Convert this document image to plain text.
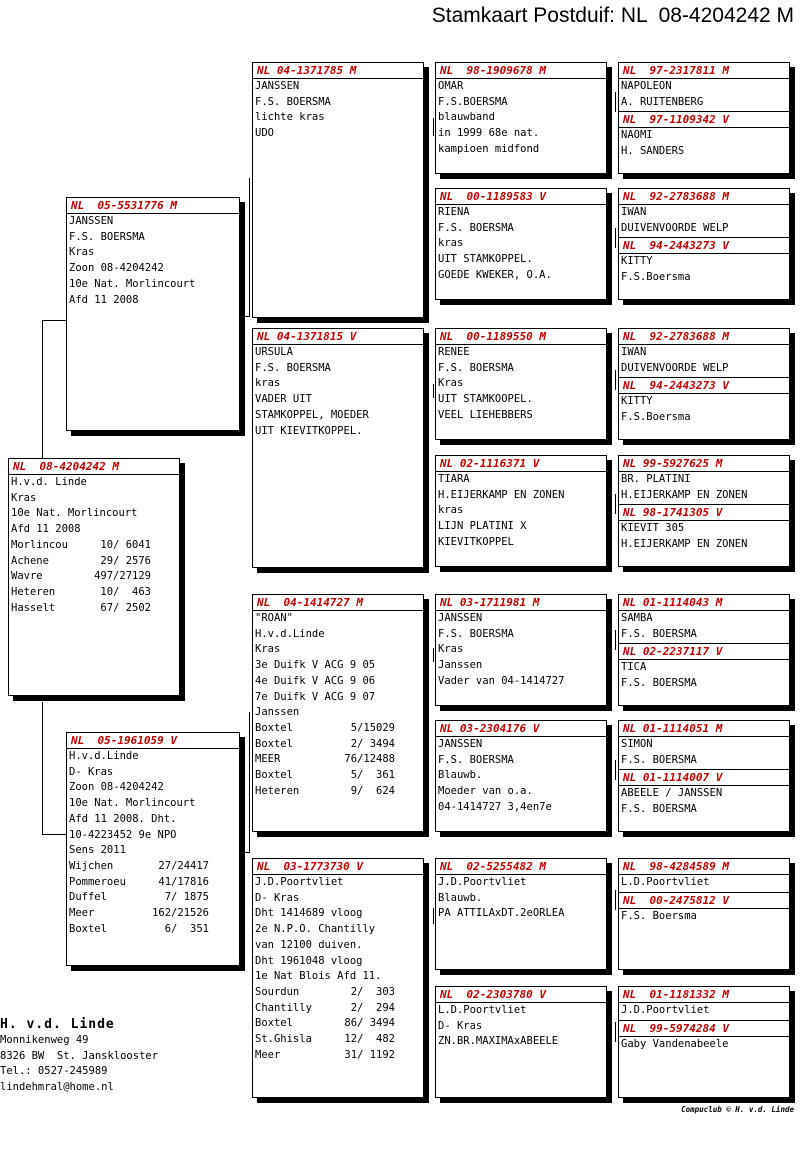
Stamkaart Postduif: NL  08-4204242 M
NL  08-4204242 M
H.v.d. Linde
Kras
10e Nat. Morlincourt
Afd 11 2008
Morlincou	10/ 6041
Achene	29/ 2576
Wavre	497/27129
Heteren	10/  463
Hasselt	67/ 2502
NL  05-5531776 M
JANSSEN
F.S. BOERSMA
Kras
Zoon 08-4204242
10e Nat. Morlincourt
Afd 11 2008
NL  05-1961059 V
H.v.d.Linde
D- Kras
Zoon 08-4204242
10e Nat. Morlincourt
Afd 11 2008. Dht.
10-4223452 9e NPO
Sens 2011
Wijchen	27/24417
Pommeroeu	41/17816
Duffel	7/ 1875
Meer	162/21526
Boxtel	6/  351
NL 04-1371785 M
JANSSEN
F.S. BOERSMA
lichte kras
UDO
NL 04-1371815 V
URSULA
F.S. BOERSMA
kras
VADER UIT
STAMKOPPEL, MOEDER
UIT KIEVITKOPPEL.
NL  04-1414727 M
"ROAN"
H.v.d.Linde
Kras
3e Duifk V ACG 9 05
4e Duifk V ACG 9 06
7e Duifk V ACG 9 07
Janssen
Boxtel	5/15029
Boxtel	2/ 3494
MEER	76/12488
Boxtel	5/  361
Heteren	9/  624
NL  03-1773730 V
J.D.Poortvliet
D- Kras
Dht 1414689 vloog
2e N.P.O. Chantilly
van 12100 duiven.
Dht 1961048 vloog
1e Nat Blois Afd 11.
Sourdun	2/  303
Chantilly	2/  294
Boxtel	86/ 3494
St.Ghisla	12/  482
Meer	31/ 1192
NL  98-1909678 M
OMAR
F.S.BOERSMA
blauwband
in 1999 68e nat.
kampioen midfond
NL  00-1189583 V
RIENA
F.S. BOERSMA
kras
UIT STAMKOPPEL.
GOEDE KWEKER, O.A.
NL  00-1189550 M
RENEE
F.S. BOERSMA
Kras
UIT STAMKOOPEL.
VEEL LIEHEBBERS
NL 02-1116371 V
TIARA
H.EIJERKAMP EN ZONEN
kras
LIJN PLATINI X
KIEVITKOPPEL
NL 03-1711981 M
JANSSEN
F.S. BOERSMA
Kras
Janssen
Vader van 04-1414727
NL 03-2304176 V
JANSSEN
F.S. BOERSMA
Blauwb.
Moeder van o.a.
04-1414727 3,4en7e
NL  02-5255482 M
J.D.Poortvliet
Blauwb.
PA ATTILAxDT.2eORLEA
NL  02-2303780 V
L.D.Poortvliet
D- Kras
ZN.BR.MAXIMAxABEELE
NL  97-2317811 M
NAPOLEON
A. RUITENBERG
NL  97-1109342 V
NAOMI
H. SANDERS
NL  92-2783688 M
IWAN
DUIVENVOORDE WELP
NL  94-2443273 V
KITTY
F.S.Boersma
NL  92-2783688 M
IWAN
DUIVENVOORDE WELP
NL  94-2443273 V
KITTY
F.S.Boersma
NL 99-5927625 M
BR. PLATINI
H.EIJERKAMP EN ZONEN
NL 98-1741305 V
KIEVIT 305
H.EIJERKAMP EN ZONEN
NL 01-1114043 M
SAMBA
F.S. BOERSMA
NL 02-2237117 V
TICA
F.S. BOERSMA
NL 01-1114051 M
SIMON
F.S. BOERSMA
NL 01-1114007 V
ABEELE / JANSSEN
F.S. BOERSMA
NL  98-4284589 M
L.D.Poortvliet
NL  00-2475812 V
F.S. Boersma
NL  01-1181332 M
J.D.Poortvliet
NL  99-5974284 V
Gaby Vandenabeele
H. v.d. Linde
Monnikenweg 49
8326 BW  St. Jansklooster
Tel.: 0527-245989
lindehmral@home.nl
Compuclub © H. v.d. Linde
